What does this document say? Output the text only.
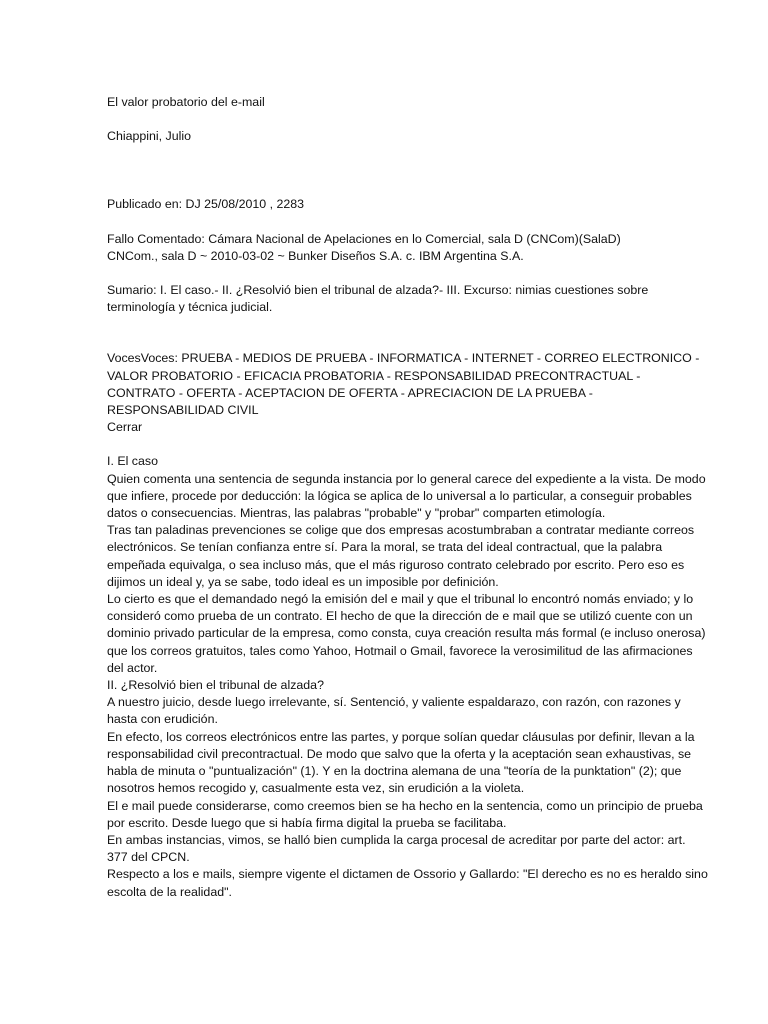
El valor probatorio del e-mail

Chiappini, Julio

Publicado en: DJ 25/08/2010 , 2283

Fallo Comentado: Cámara Nacional de Apelaciones en lo Comercial, sala D (CNCom)(SalaD)
CNCom., sala D ~ 2010-03-02 ~ Bunker Diseños S.A. c. IBM Argentina S.A.

Sumario: I. El caso.- II. ¿Resolvió bien el tribunal de alzada?- III. Excurso: nimias cuestiones sobre terminología y técnica judicial.

VocesVoces: PRUEBA - MEDIOS DE PRUEBA - INFORMATICA - INTERNET - CORREO ELECTRONICO - VALOR PROBATORIO - EFICACIA PROBATORIA - RESPONSABILIDAD PRECONTRACTUAL - CONTRATO - OFERTA - ACEPTACION DE OFERTA - APRECIACION DE LA PRUEBA - RESPONSABILIDAD CIVIL

Cerrar

I. El caso

Quien comenta una sentencia de segunda instancia por lo general carece del expediente a la vista. De modo que infiere, procede por deducción: la lógica se aplica de lo universal a lo particular, a conseguir probables datos o consecuencias. Mientras, las palabras "probable" y "probar" comparten etimología.

Tras tan paladinas prevenciones se colige que dos empresas acostumbraban a contratar mediante correos electrónicos. Se tenían confianza entre sí. Para la moral, se trata del ideal contractual, que la palabra empeñada equivalga, o sea incluso más, que el más riguroso contrato celebrado por escrito. Pero eso es dijimos un ideal y, ya se sabe, todo ideal es un imposible por definición.

Lo cierto es que el demandado negó la emisión del e mail y que el tribunal lo encontró nomás enviado; y lo consideró como prueba de un contrato. El hecho de que la dirección de e mail que se utilizó cuente con un dominio privado particular de la empresa, como consta, cuya creación resulta más formal (e incluso onerosa) que los correos gratuitos, tales como Yahoo, Hotmail o Gmail, favorece la verosimilitud de las afirmaciones del actor.

II. ¿Resolvió bien el tribunal de alzada?

A nuestro juicio, desde luego irrelevante, sí. Sentenció, y valiente espaldarazo, con razón, con razones y hasta con erudición.

En efecto, los correos electrónicos entre las partes, y porque solían quedar cláusulas por definir, llevan a la responsabilidad civil precontractual. De modo que salvo que la oferta y la aceptación sean exhaustivas, se habla de minuta o "puntualización" (1). Y en la doctrina alemana de una "teoría de la punktation" (2); que nosotros hemos recogido y, casualmente esta vez, sin erudición a la violeta.

El e mail puede considerarse, como creemos bien se ha hecho en la sentencia, como un principio de prueba por escrito. Desde luego que si había firma digital la prueba se facilitaba.

En ambas instancias, vimos, se halló bien cumplida la carga procesal de acreditar por parte del actor: art. 377 del CPCN.

Respecto a los e mails, siempre vigente el dictamen de Ossorio y Gallardo: "El derecho es no es heraldo sino escolta de la realidad".
